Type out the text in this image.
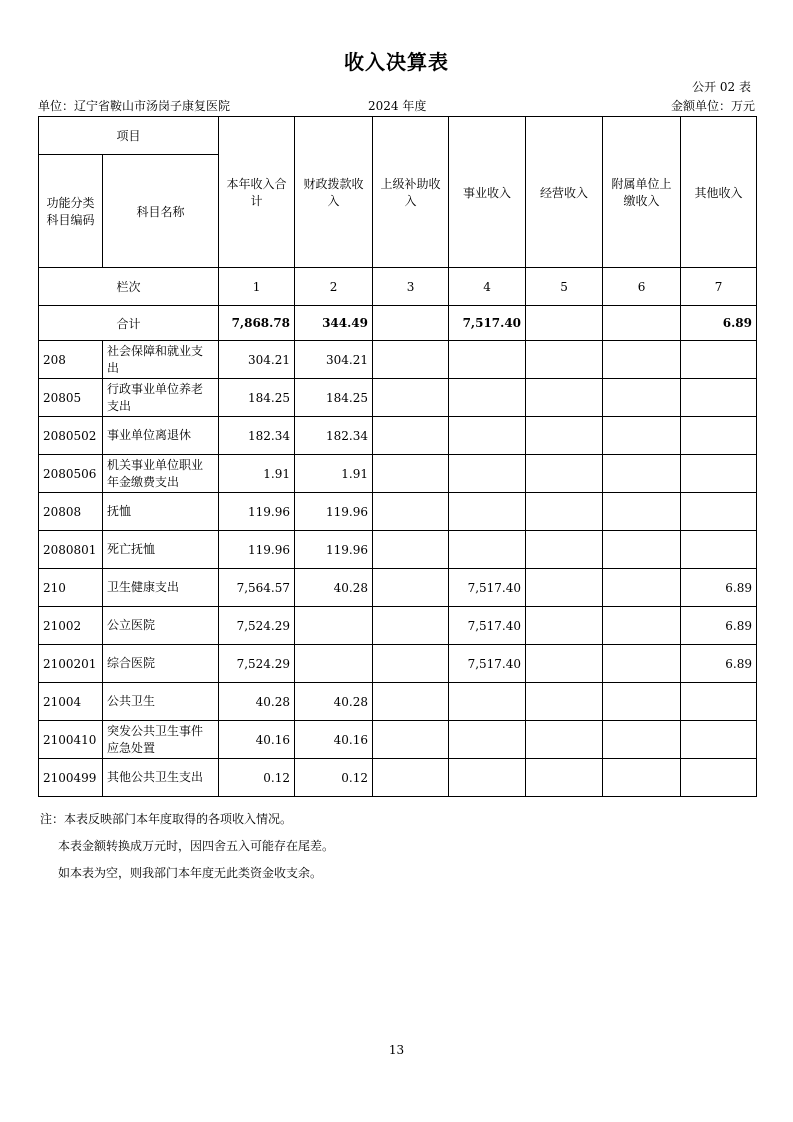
收入决算表
公开 02 表
单位：辽宁省鞍山市汤岗子康复医院	2024 年度	金额单位：万元
项目		本年收入合计	财政拨款收入	上级补助收入	事业收入	经营收入	附属单位上缴收入	其他收入
功能分类科目编码	科目名称							
栏次		1	2	3	4	5	6	7
合计		7,868.78	344.49		7,517.40			6.89
208	社会保障和就业支出	304.21	304.21					
20805	行政事业单位养老支出	184.25	184.25					
2080502	事业单位离退休	182.34	182.34					
2080506	机关事业单位职业年金缴费支出	1.91	1.91					
20808	抚恤	119.96	119.96					
2080801	死亡抚恤	119.96	119.96					
210	卫生健康支出	7,564.57	40.28		7,517.40			6.89
21002	公立医院	7,524.29			7,517.40			6.89
2100201	综合医院	7,524.29			7,517.40			6.89
21004	公共卫生	40.28	40.28					
2100410	突发公共卫生事件应急处置	40.16	40.16					
2100499	其他公共卫生支出	0.12	0.12					
注：本表反映部门本年度取得的各项收入情况。
本表金额转换成万元时，因四舍五入可能存在尾差。
如本表为空，则我部门本年度无此类资金收支余。
13
